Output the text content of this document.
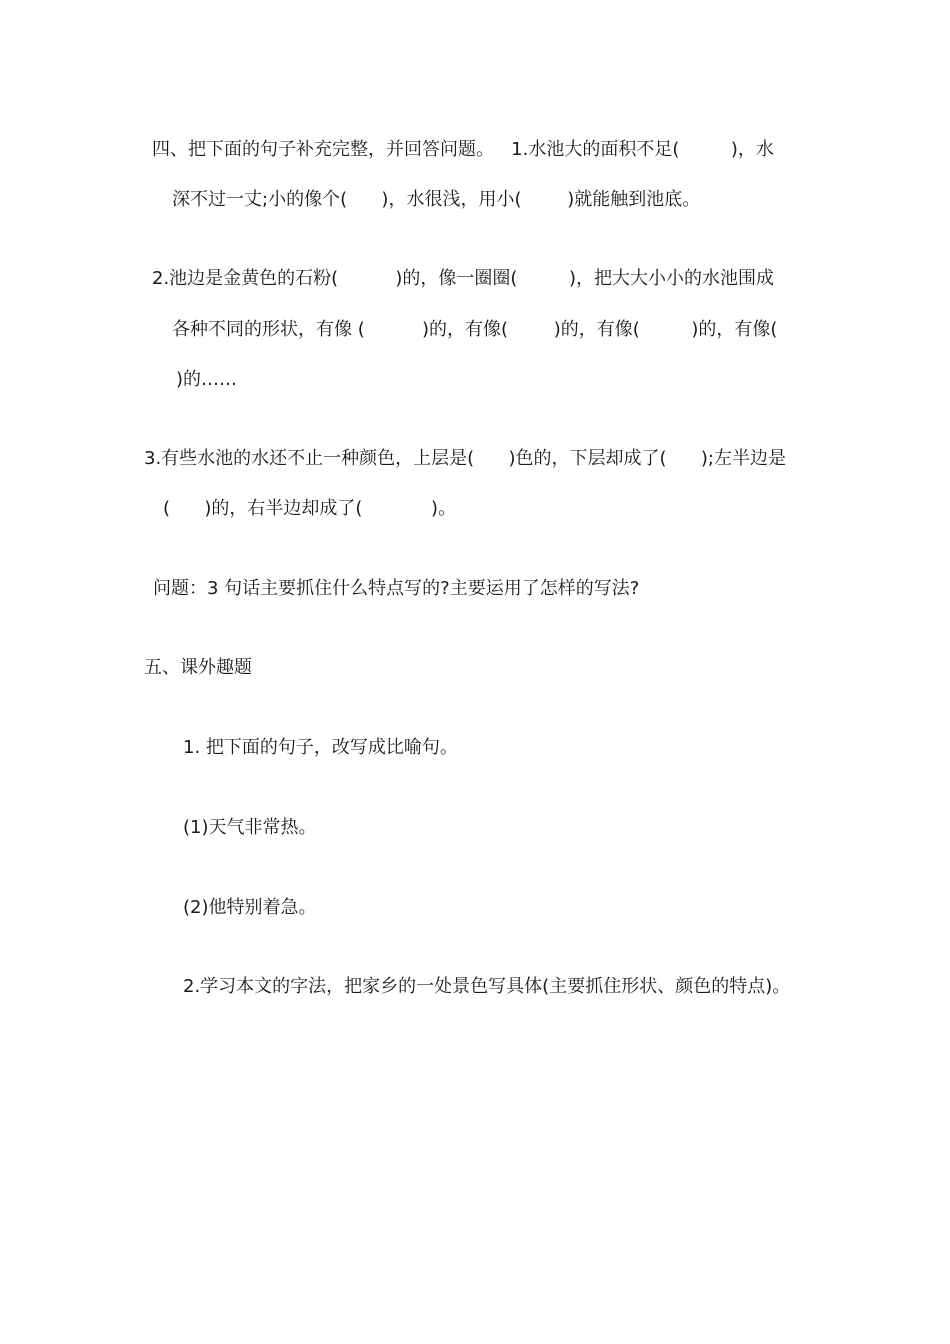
四、把下面的句子补充完整，并回答问题。   1.水池大的面积不足(         )，水
深不过一丈;小的像个(      )，水很浅，用小(        )就能触到池底。
2.池边是金黄色的石粉(          )的，像一圈圈(         )，把大大小小的水池围成
各种不同的形状，有像 (          )的，有像(        )的，有像(         )的，有像(
)的……
3.有些水池的水还不止一种颜色，上层是(      )色的，下层却成了(      );左半边是
(      )的，右半边却成了(            )。
问题：3 句话主要抓住什么特点写的?主要运用了怎样的写法?
五、课外趣题
1. 把下面的句子，改写成比喻句。
(1)天气非常热。
(2)他特别着急。
2.学习本文的字法，把家乡的一处景色写具体(主要抓住形状、颜色的特点)。
